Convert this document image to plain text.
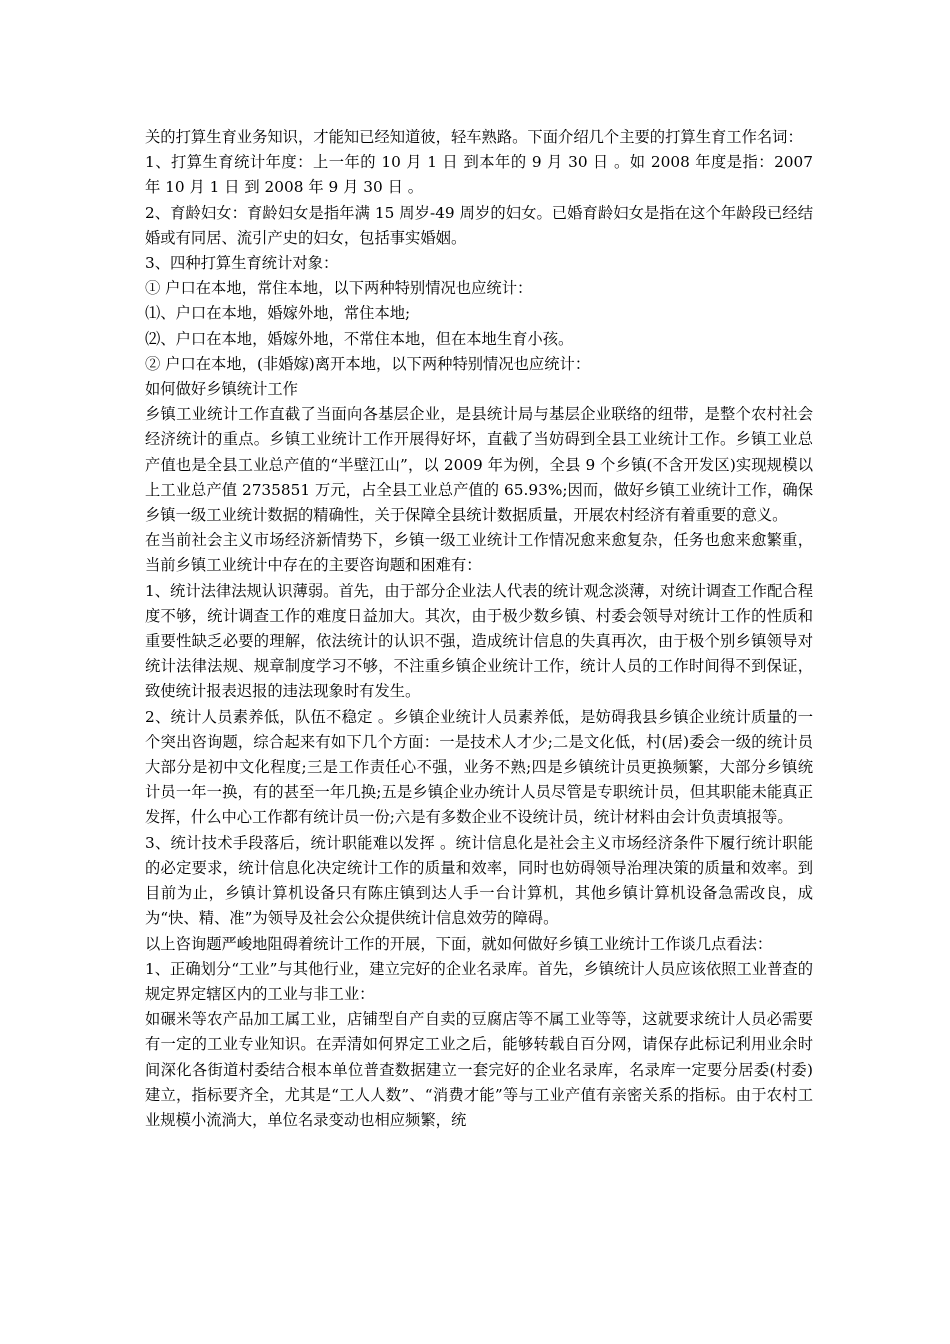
关的打算生育业务知识，才能知已经知道彼，轻车熟路。下面介绍几个主要的打算生育工作名词：

1、打算生育统计年度：上一年的 10 月 1 日 到本年的 9 月 30 日 。如 2008 年度是指：2007 年 10 月 1 日 到 2008 年 9 月 30 日 。

2、育龄妇女：育龄妇女是指年满 15 周岁-49 周岁的妇女。已婚育龄妇女是指在这个年龄段已经结婚或有同居、流引产史的妇女，包括事实婚姻。

3、四种打算生育统计对象：

① 户口在本地，常住本地，以下两种特别情况也应统计：

⑴、户口在本地，婚嫁外地，常住本地;

⑵、户口在本地，婚嫁外地，不常住本地，但在本地生育小孩。

② 户口在本地，(非婚嫁)离开本地，以下两种特别情况也应统计：

如何做好乡镇统计工作

乡镇工业统计工作直截了当面向各基层企业，是县统计局与基层企业联络的纽带，是整个农村社会经济统计的重点。乡镇工业统计工作开展得好坏，直截了当妨碍到全县工业统计工作。乡镇工业总产值也是全县工业总产值的“半壁江山”，以 2009 年为例，全县 9 个乡镇(不含开发区)实现规模以上工业总产值 2735851 万元，占全县工业总产值的 65.93%;因而，做好乡镇工业统计工作，确保乡镇一级工业统计数据的精确性，关于保障全县统计数据质量，开展农村经济有着重要的意义。

在当前社会主义市场经济新情势下，乡镇一级工业统计工作情况愈来愈复杂，任务也愈来愈繁重，当前乡镇工业统计中存在的主要咨询题和困难有：

1、统计法律法规认识薄弱。首先，由于部分企业法人代表的统计观念淡薄，对统计调查工作配合程度不够，统计调查工作的难度日益加大。其次，由于极少数乡镇、村委会领导对统计工作的性质和重要性缺乏必要的理解，依法统计的认识不强，造成统计信息的失真再次，由于极个别乡镇领导对统计法律法规、规章制度学习不够，不注重乡镇企业统计工作，统计人员的工作时间得不到保证，致使统计报表迟报的违法现象时有发生。

2、统计人员素养低，队伍不稳定 。乡镇企业统计人员素养低，是妨碍我县乡镇企业统计质量的一个突出咨询题，综合起来有如下几个方面：一是技术人才少;二是文化低，村(居)委会一级的统计员大部分是初中文化程度;三是工作责任心不强，业务不熟;四是乡镇统计员更换频繁，大部分乡镇统计员一年一换，有的甚至一年几换;五是乡镇企业办统计人员尽管是专职统计员，但其职能未能真正发挥，什么中心工作都有统计员一份;六是有多数企业不设统计员，统计材料由会计负责填报等。

3、统计技术手段落后，统计职能难以发挥 。统计信息化是社会主义市场经济条件下履行统计职能的必定要求，统计信息化决定统计工作的质量和效率，同时也妨碍领导治理决策的质量和效率。到目前为止，乡镇计算机设备只有陈庄镇到达人手一台计算机，其他乡镇计算机设备急需改良，成为“快、精、准”为领导及社会公众提供统计信息效劳的障碍。

以上咨询题严峻地阻碍着统计工作的开展，下面，就如何做好乡镇工业统计工作谈几点看法：

1、正确划分“工业”与其他行业，建立完好的企业名录库。首先，乡镇统计人员应该依照工业普查的规定界定辖区内的工业与非工业：

如碾米等农产品加工属工业，店铺型自产自卖的豆腐店等不属工业等等，这就要求统计人员必需要有一定的工业专业知识。在弄清如何界定工业之后，能够转载自百分网，请保存此标记利用业余时间深化各街道村委结合根本单位普查数据建立一套完好的企业名录库，名录库一定要分居委(村委)建立，指标要齐全，尤其是“工人人数”、“消费才能”等与工业产值有亲密关系的指标。由于农村工业规模小流淌大，单位名录变动也相应频繁，统
